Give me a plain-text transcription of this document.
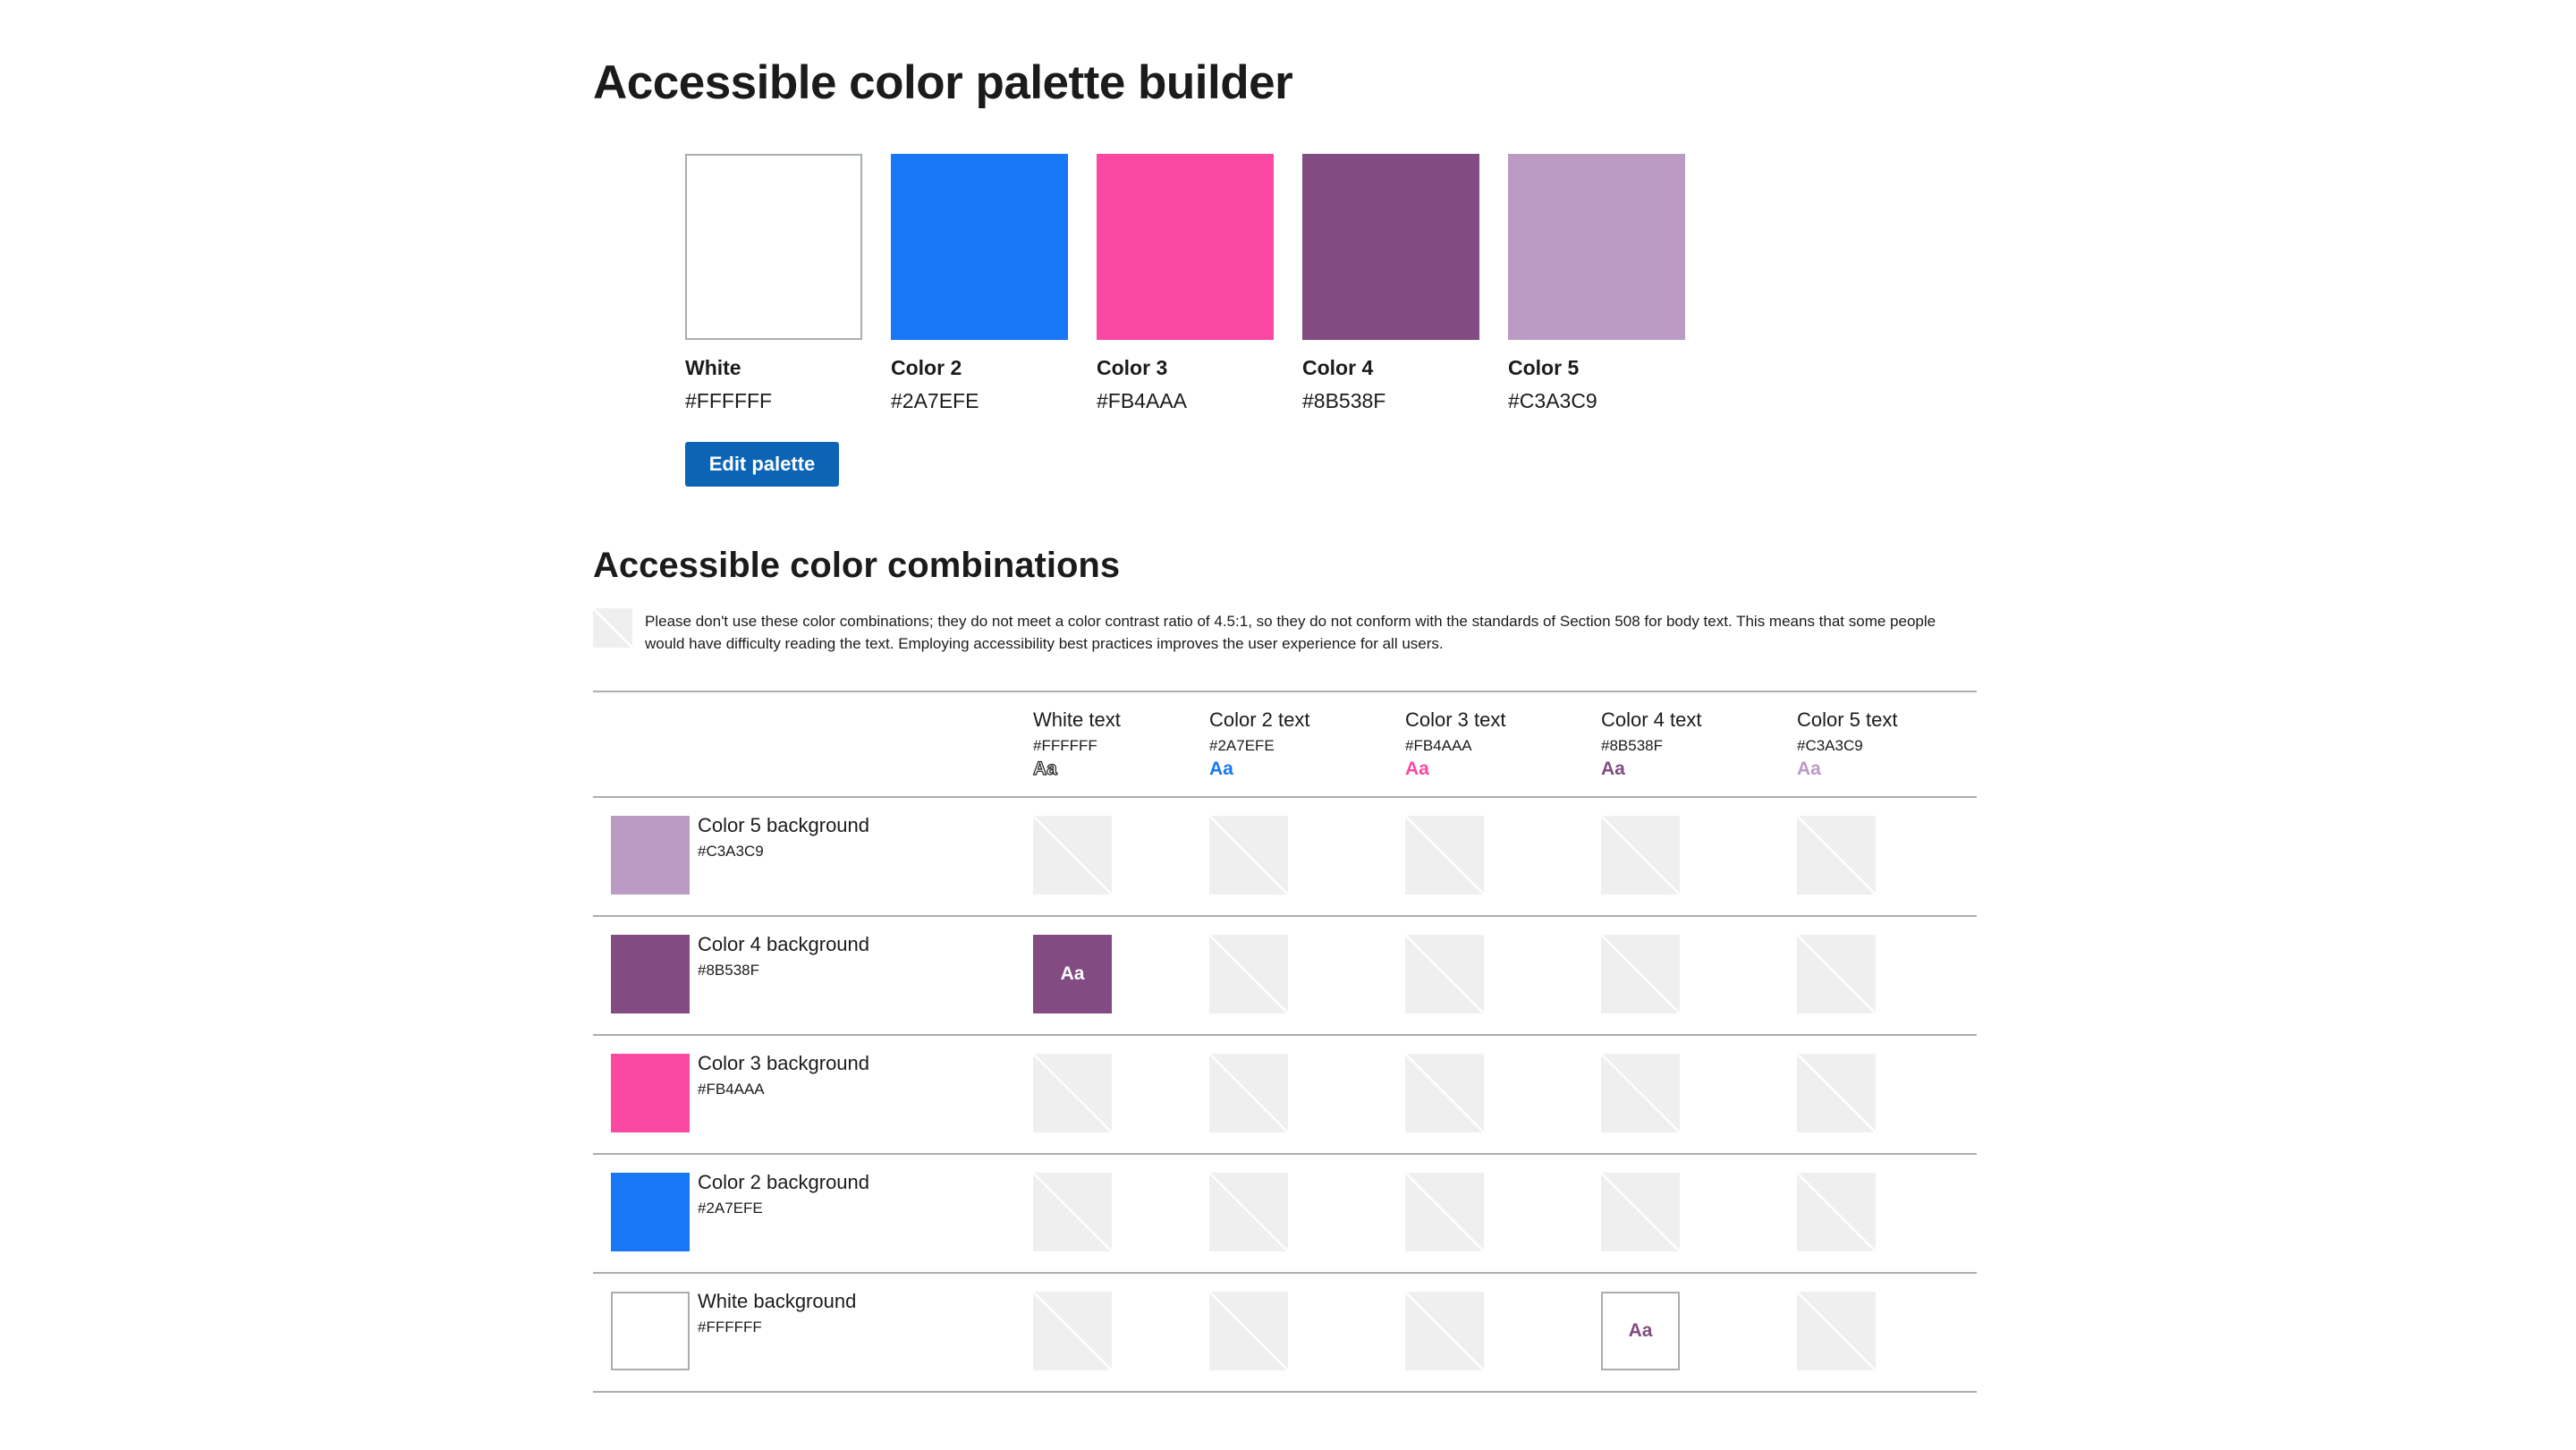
Accessible color palette builder
White
#FFFFFF
Color 2
#2A7EFE
Color 3
#FB4AAA
Color 4
#8B538F
Color 5
#C3A3C9
Edit palette
Accessible color combinations
Please don't use these color combinations; they do not meet a color contrast ratio of 4.5:1, so they do not conform with the standards of Section 508 for body text. This means that some people
would have difficulty reading the text. Employing accessibility best practices improves the user experience for all users.
White text
#FFFFFF
Aa
Color 2 text
#2A7EFE
Aa
Color 3 text
#FB4AAA
Aa
Color 4 text
#8B538F
Aa
Color 5 text
#C3A3C9
Aa
Color 5 background
#C3A3C9
Color 4 background
#8B538F	Aa
Color 3 background
#FB4AAA
Color 2 background
#2A7EFE
White background
#FFFFFF	Aa
